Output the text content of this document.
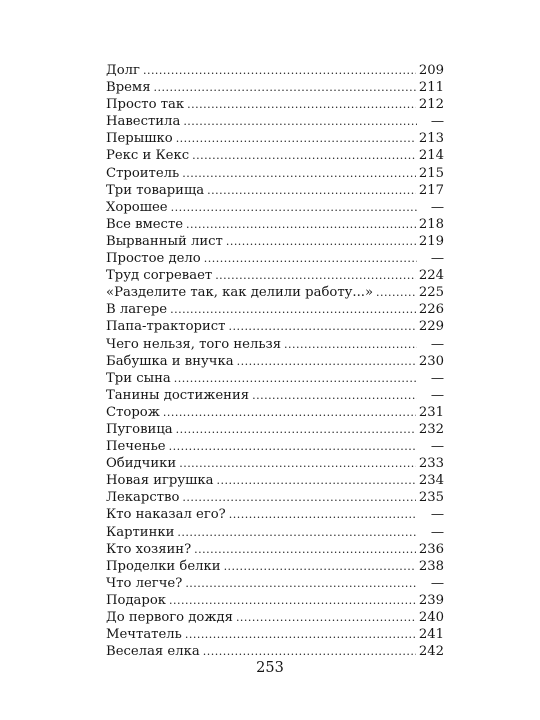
Долг . . .	209
Время . . .	211
Просто так . . .	212
Навестила . . .	—
Перышко . . .	213
Рекс и Кекс . . .	214
Строитель . . .	215
Три товарища . . .	217
Хорошее . . .	—
Все вместе . . .	218
Вырванный лист . . .	219
Простое дело . . .	—
Труд согревает . . .	224
«Разделите так, как делили работу...» . . .	225
В лагере . . .	226
Папа-тракторист . . .	229
Чего нельзя, того нельзя . . .	—
Бабушка и внучка . . .	230
Три сына . . .	—
Танины достижения . . .	—
Сторож . . .	231
Пуговица . . .	232
Печенье . . .	—
Обидчики . . .	233
Новая игрушка . . .	234
Лекарство . . .	235
Кто наказал его? . . .	—
Картинки . . .	—
Кто хозяин? . . .	236
Проделки белки . . .	238
Что легче? . . .	—
Подарок . . .	239
До первого дождя . . .	240
Мечтатель . . .	241
Веселая елка . . .	242
253
